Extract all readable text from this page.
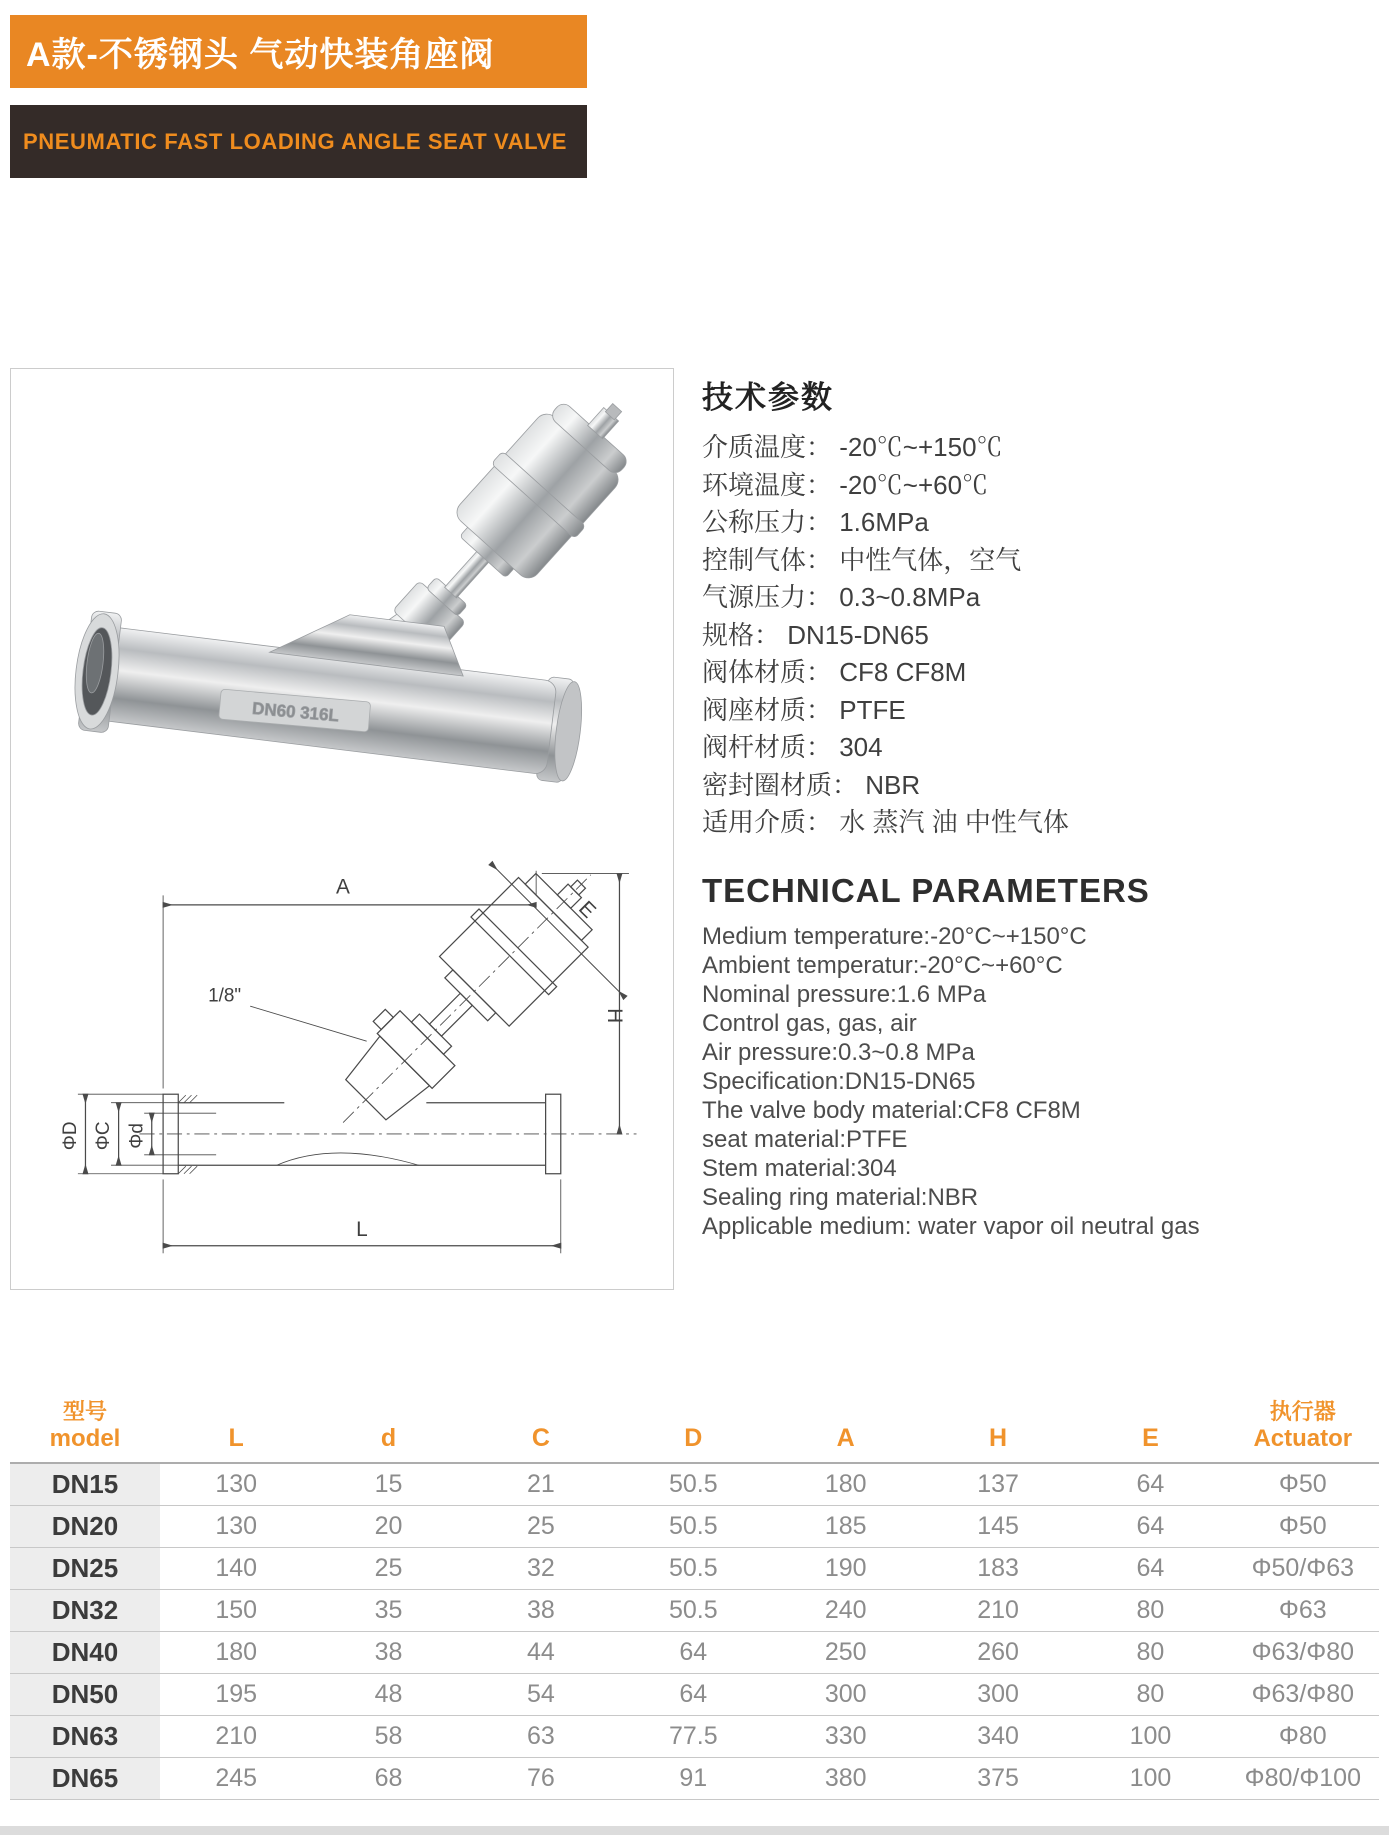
A款-不锈钢头 气动快装角座阀
PNEUMATIC FAST LOADING ANGLE SEAT VALVE
DN60 316L
A
E
H
L
ΦD ΦC Φd
1/8"
技术参数
介质温度： -20℃~+150℃
环境温度： -20℃~+60℃
公称压力： 1.6MPa
控制气体： 中性气体，空气
气源压力： 0.3~0.8MPa
规格： DN15-DN65
阀体材质： CF8 CF8M
阀座材质： PTFE
阀杆材质： 304
密封圈材质： NBR
适用介质： 水 蒸汽 油 中性气体
TECHNICAL PARAMETERS
Medium temperature:-20°C~+150°C
Ambient temperatur:-20°C~+60°C
Nominal pressure:1.6 MPa
Control gas, gas, air
Air pressure:0.3~0.8 MPa
Specification:DN15-DN65
The valve body material:CF8 CF8M
seat material:PTFE
Stem material:304
Sealing ring material:NBR
Applicable medium: water vapor oil neutral gas
型号
model	L	d	C	D	A	H	E	
执行器
Actuator

DN15	130	15	21	50.5	180	137	64	Φ50
DN20	130	20	25	50.5	185	145	64	Φ50
DN25	140	25	32	50.5	190	183	64	Φ50/Φ63
DN32	150	35	38	50.5	240	210	80	Φ63
DN40	180	38	44	64	250	260	80	Φ63/Φ80
DN50	195	48	54	64	300	300	80	Φ63/Φ80
DN63	210	58	63	77.5	330	340	100	Φ80
DN65	245	68	76	91	380	375	100	Φ80/Φ100
